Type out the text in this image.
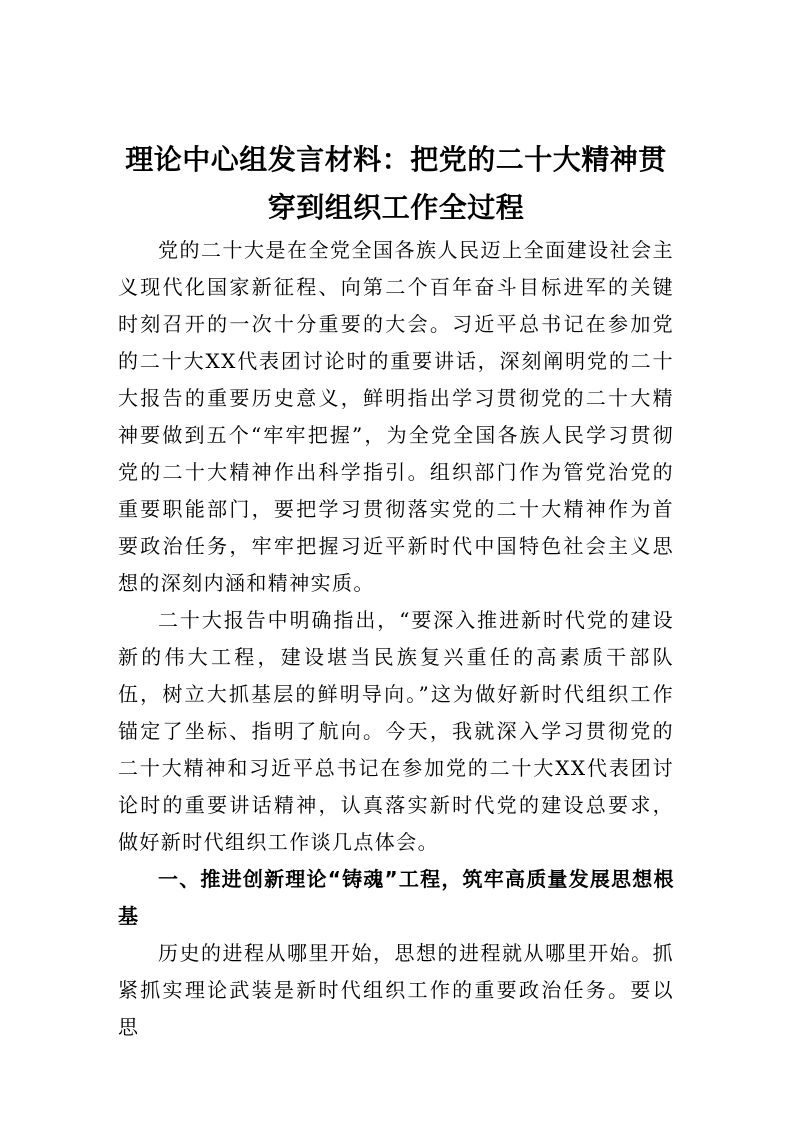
理论中心组发言材料：把党的二十大精神贯
穿到组织工作全过程

党的二十大是在全党全国各族人民迈上全面建设社会主义现代化国家新征程、向第二个百年奋斗目标进军的关键时刻召开的一次十分重要的大会。习近平总书记在参加党的二十大XX代表团讨论时的重要讲话，深刻阐明党的二十大报告的重要历史意义，鲜明指出学习贯彻党的二十大精神要做到五个“牢牢把握”，为全党全国各族人民学习贯彻党的二十大精神作出科学指引。组织部门作为管党治党的重要职能部门，要把学习贯彻落实党的二十大精神作为首要政治任务，牢牢把握习近平新时代中国特色社会主义思想的深刻内涵和精神实质。

二十大报告中明确指出，“要深入推进新时代党的建设新的伟大工程，建设堪当民族复兴重任的高素质干部队伍，树立大抓基层的鲜明导向。”这为做好新时代组织工作锚定了坐标、指明了航向。今天，我就深入学习贯彻党的二十大精神和习近平总书记在参加党的二十大XX代表团讨论时的重要讲话精神，认真落实新时代党的建设总要求，做好新时代组织工作谈几点体会。

一、推进创新理论“铸魂”工程，筑牢高质量发展思想根基

历史的进程从哪里开始，思想的进程就从哪里开始。抓紧抓实理论武装是新时代组织工作的重要政治任务。要以思
